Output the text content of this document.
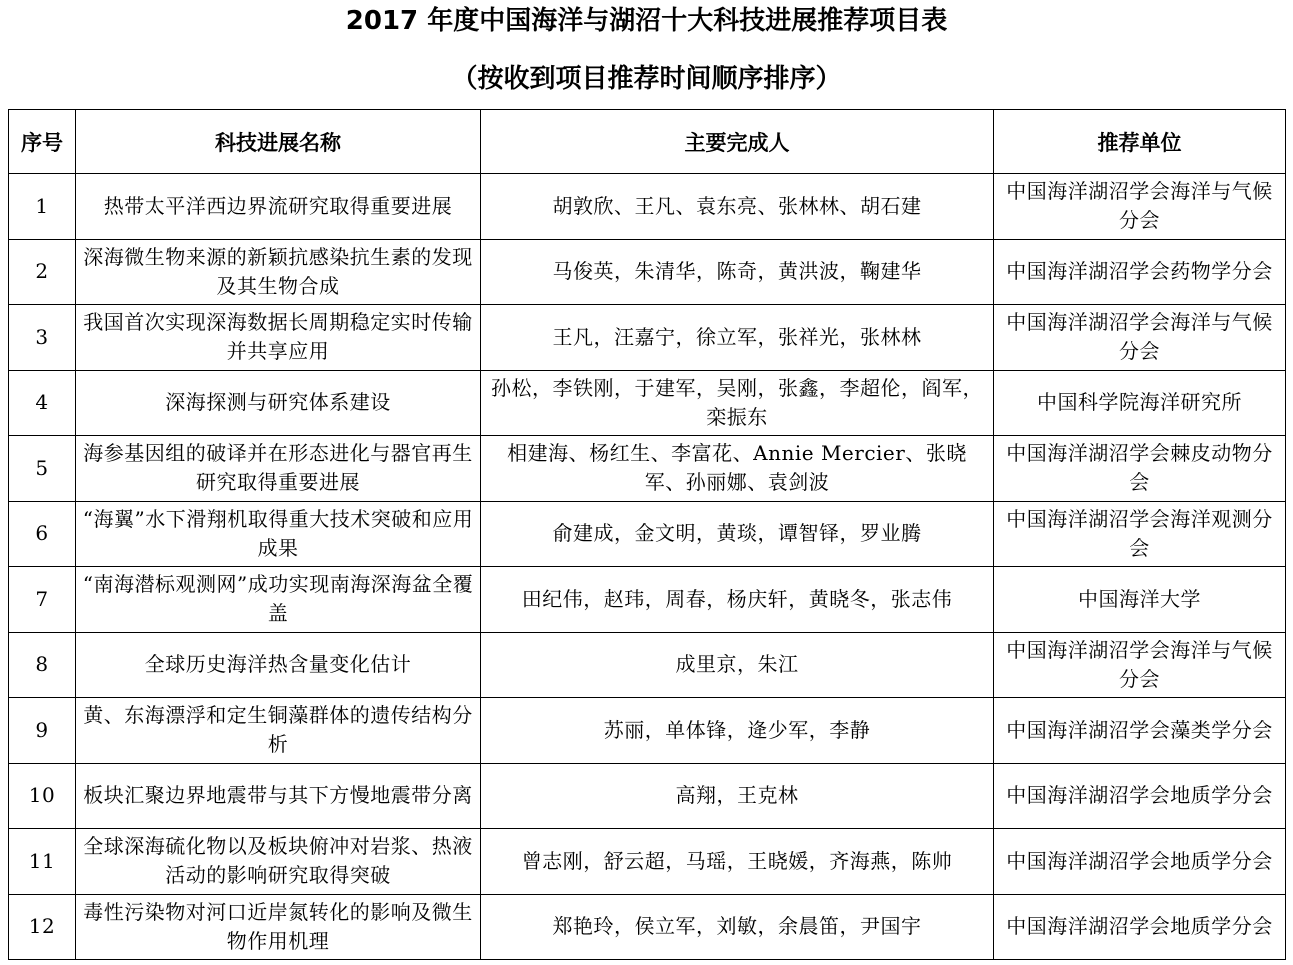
2017 年度中国海洋与湖沼十大科技进展推荐项目表
（按收到项目推荐时间顺序排序）
序号	科技进展名称	主要完成人	推荐单位
1	热带太平洋西边界流研究取得重要进展	胡敦欣、王凡、袁东亮、张林林、胡石建	中国海洋湖沼学会海洋与气候分会
2	深海微生物来源的新颖抗感染抗生素的发现及其生物合成	马俊英，朱清华，陈奇，黄洪波，鞠建华	中国海洋湖沼学会药物学分会
3	我国首次实现深海数据长周期稳定实时传输并共享应用	王凡，汪嘉宁，徐立军，张祥光，张林林	中国海洋湖沼学会海洋与气候分会
4	深海探测与研究体系建设	孙松，李铁刚，于建军，吴刚，张鑫，李超伦，阎军，栾振东	中国科学院海洋研究所
5	海参基因组的破译并在形态进化与器官再生研究取得重要进展	相建海、杨红生、李富花、Annie Mercier、张晓军、孙丽娜、袁剑波	中国海洋湖沼学会棘皮动物分会
6	“海翼”水下滑翔机取得重大技术突破和应用成果	俞建成，金文明，黄琰，谭智铎，罗业腾	中国海洋湖沼学会海洋观测分会
7	“南海潜标观测网”成功实现南海深海盆全覆盖	田纪伟，赵玮，周春，杨庆轩，黄晓冬，张志伟	中国海洋大学
8	全球历史海洋热含量变化估计	成里京，朱江	中国海洋湖沼学会海洋与气候分会
9	黄、东海漂浮和定生铜藻群体的遗传结构分析	苏丽，单体锋，逄少军，李静	中国海洋湖沼学会藻类学分会
10	板块汇聚边界地震带与其下方慢地震带分离	高翔，王克林	中国海洋湖沼学会地质学分会
11	全球深海硫化物以及板块俯冲对岩浆、热液活动的影响研究取得突破	曾志刚，舒云超，马瑶，王晓媛，齐海燕，陈帅	中国海洋湖沼学会地质学分会
12	毒性污染物对河口近岸氮转化的影响及微生物作用机理	郑艳玲，侯立军，刘敏，余晨笛，尹国宇	中国海洋湖沼学会地质学分会
